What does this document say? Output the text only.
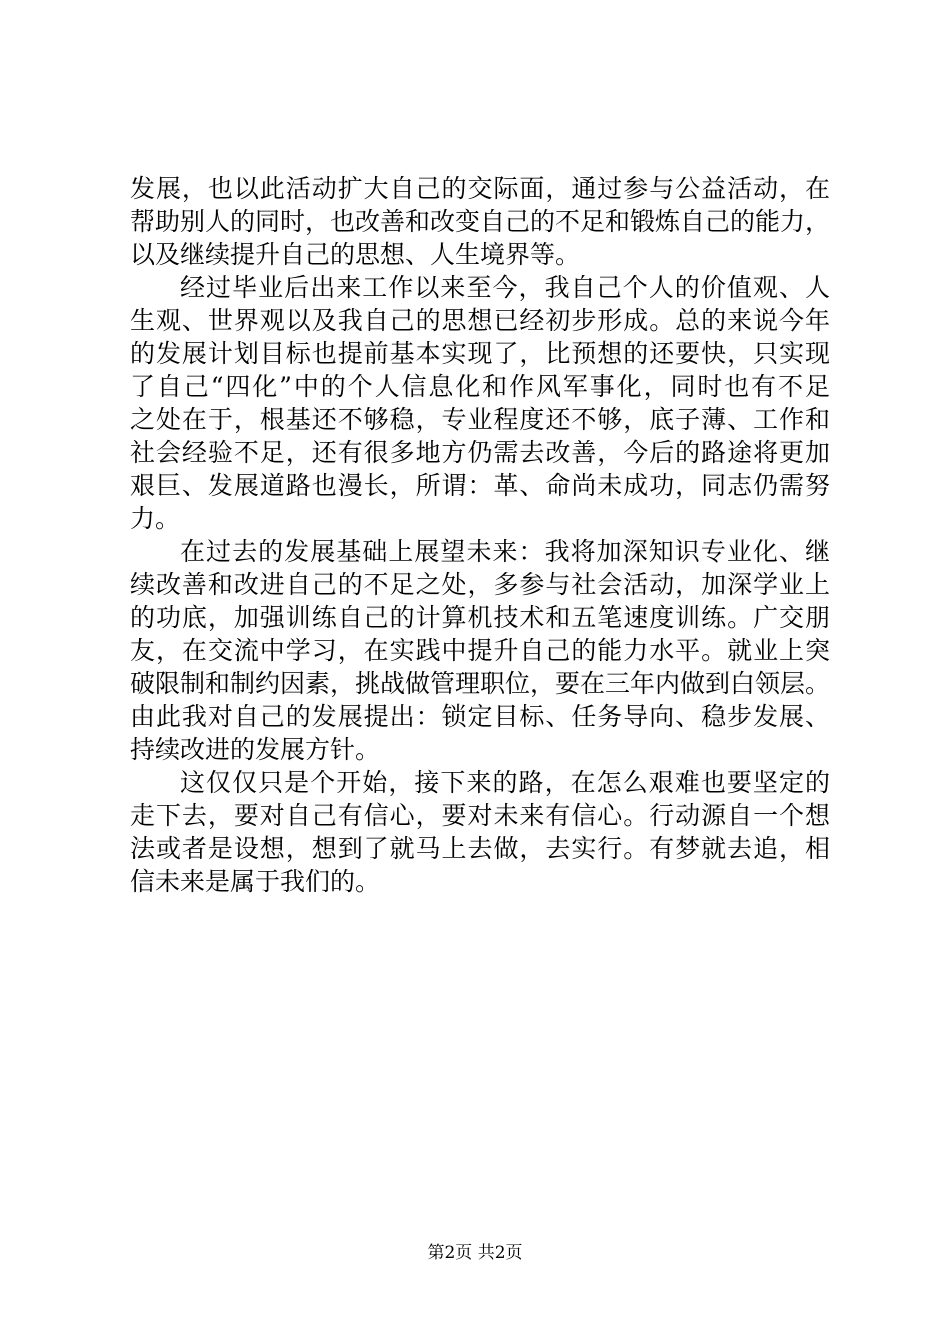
发展，也以此活动扩大自己的交际面，通过参与公益活动，在
帮助别人的同时，也改善和改变自己的不足和锻炼自己的能力，
以及继续提升自己的思想、人生境界等。
经过毕业后出来工作以来至今，我自己个人的价值观、人
生观、世界观以及我自己的思想已经初步形成。总的来说今年
的发展计划目标也提前基本实现了，比预想的还要快，只实现
了自己“四化”中的个人信息化和作风军事化，同时也有不足
之处在于，根基还不够稳，专业程度还不够，底子薄、工作和
社会经验不足，还有很多地方仍需去改善，今后的路途将更加
艰巨、发展道路也漫长，所谓：革、命尚未成功，同志仍需努
力。
在过去的发展基础上展望未来：我将加深知识专业化、继
续改善和改进自己的不足之处，多参与社会活动，加深学业上
的功底，加强训练自己的计算机技术和五笔速度训练。广交朋
友，在交流中学习，在实践中提升自己的能力水平。就业上突
破限制和制约因素，挑战做管理职位，要在三年内做到白领层。
由此我对自己的发展提出：锁定目标、任务导向、稳步发展、
持续改进的发展方针。
这仅仅只是个开始，接下来的路，在怎么艰难也要坚定的
走下去，要对自己有信心，要对未来有信心。行动源自一个想
法或者是设想，想到了就马上去做，去实行。有梦就去追，相
信未来是属于我们的。
第2页 共2页
